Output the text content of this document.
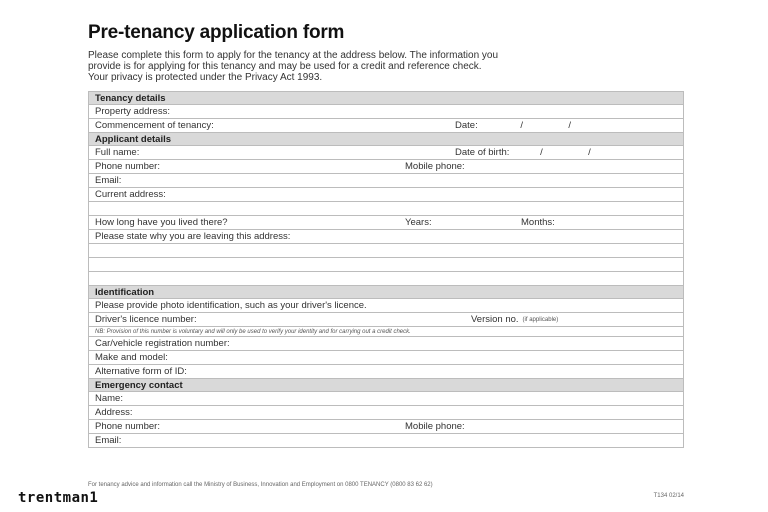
Pre-tenancy application form
Please complete this form to apply for the tenancy at the address below. The information you
provide is for applying for this tenancy and may be used for a credit and reference check.
Your privacy is protected under the Privacy Act 1993.
Tenancy details
Property address:

Commencement of tenancy:	Date:	/	/

Applicant details

Full name:	Date of birth:	/	/

Phone number:	Mobile phone:

Email:
Current address:

How long have you lived there?	Years:	Months:

Please state why you are leaving this address:

Identification
Please provide photo identification, such as your driver's licence.

Driver's licence number:	Version no. (if applicable)

NB: Provision of this number is voluntary and will only be used to verify your identity and for carrying out a credit check.
Car/vehicle registration number:
Make and model:
Alternative form of ID:
Emergency contact
Name:
Address:

Phone number:	Mobile phone:

Email:
For tenancy advice and information call the Ministry of Business, Innovation and Employment on 0800 TENANCY (0800 83 62 62)
T134 02/14
trentman1
